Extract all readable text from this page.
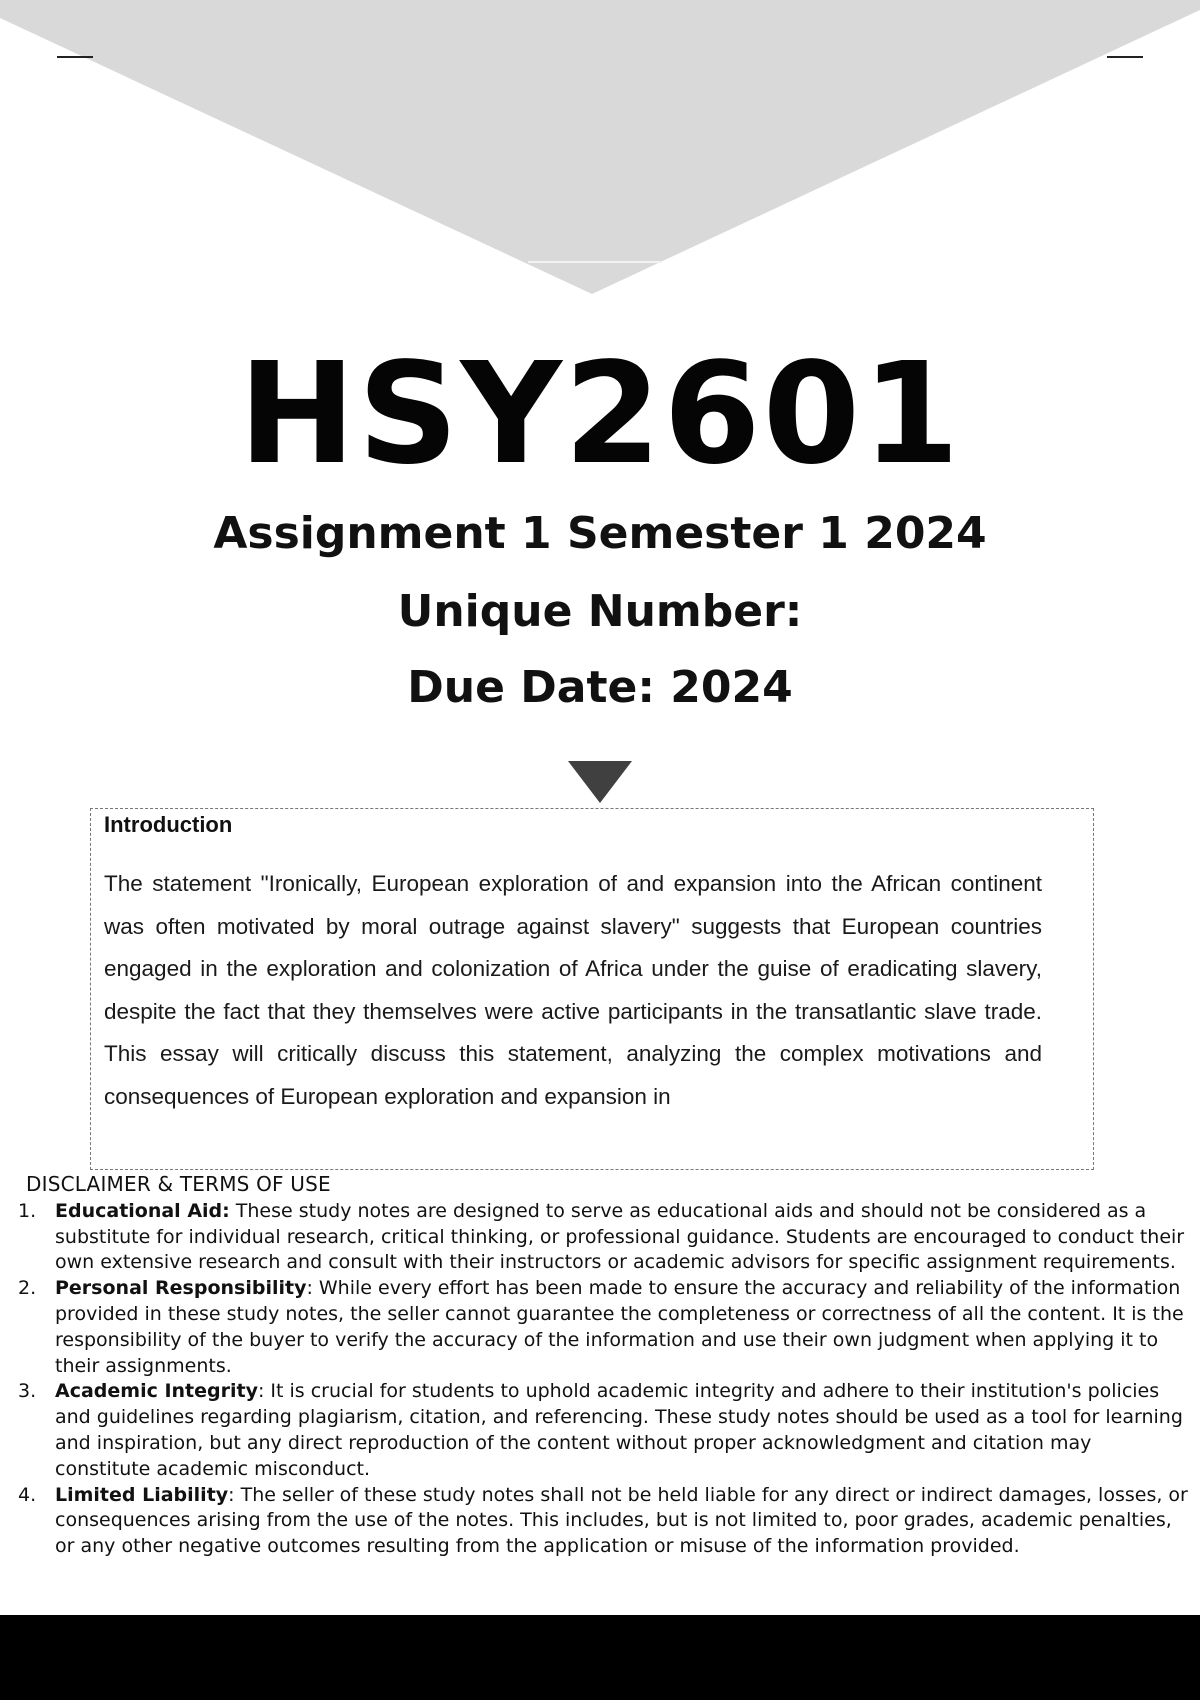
HSY2601
Assignment 1 Semester 1 2024
Unique Number:
Due Date: 2024
Introduction

The statement "Ironically, European exploration of and expansion into the African continent was often motivated by moral outrage against slavery" suggests that European countries engaged in the exploration and colonization of Africa under the guise of eradicating slavery, despite the fact that they themselves were active participants in the transatlantic slave trade. This essay will critically discuss this statement, analyzing the complex motivations and consequences of European exploration and expansion in

DISCLAIMER & TERMS OF USE
1. Educational Aid: These study notes are designed to serve as educational aids and should not be considered as a substitute for individual research, critical thinking, or professional guidance. Students are encouraged to conduct their own extensive research and consult with their instructors or academic advisors for specific assignment requirements.
2. Personal Responsibility: While every effort has been made to ensure the accuracy and reliability of the information provided in these study notes, the seller cannot guarantee the completeness or correctness of all the content. It is the responsibility of the buyer to verify the accuracy of the information and use their own judgment when applying it to their assignments.
3. Academic Integrity: It is crucial for students to uphold academic integrity and adhere to their institution's policies and guidelines regarding plagiarism, citation, and referencing. These study notes should be used as a tool for learning and inspiration, but any direct reproduction of the content without proper acknowledgment and citation may constitute academic misconduct.
4. Limited Liability: The seller of these study notes shall not be held liable for any direct or indirect damages, losses, or consequences arising from the use of the notes. This includes, but is not limited to, poor grades, academic penalties, or any other negative outcomes resulting from the application or misuse of the information provided.
